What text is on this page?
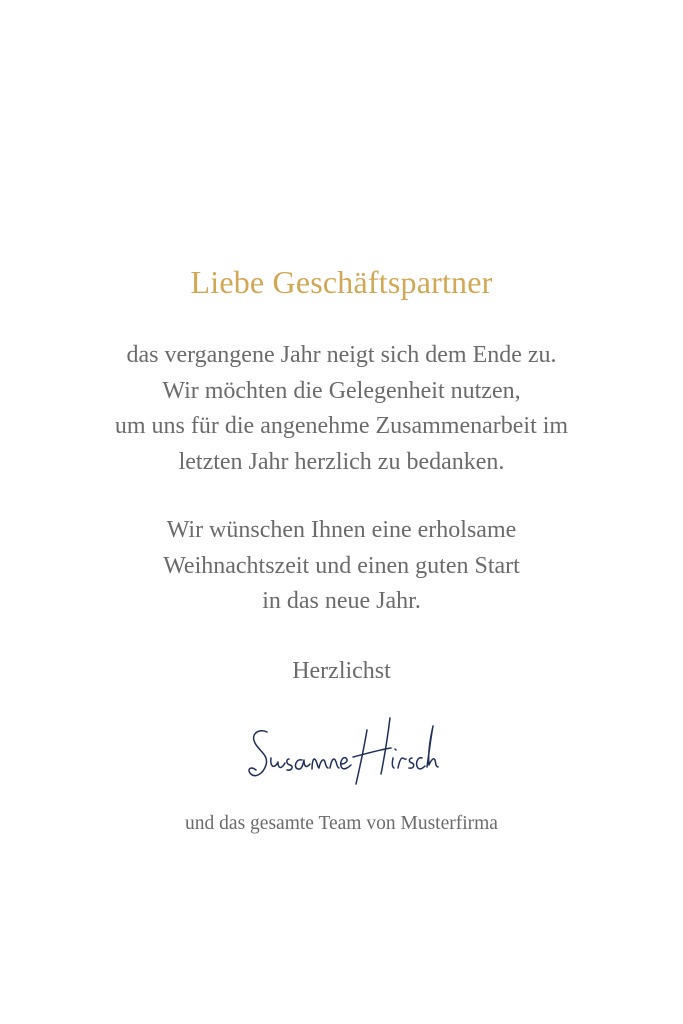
Liebe Geschäftspartner
das vergangene Jahr neigt sich dem Ende zu.
Wir möchten die Gelegenheit nutzen,
um uns für die angenehme Zusammenarbeit im
letzten Jahr herzlich zu bedanken.
Wir wünschen Ihnen eine erholsame
Weihnachtszeit und einen guten Start
in das neue Jahr.
Herzlichst
und das gesamte Team von Musterfirma
